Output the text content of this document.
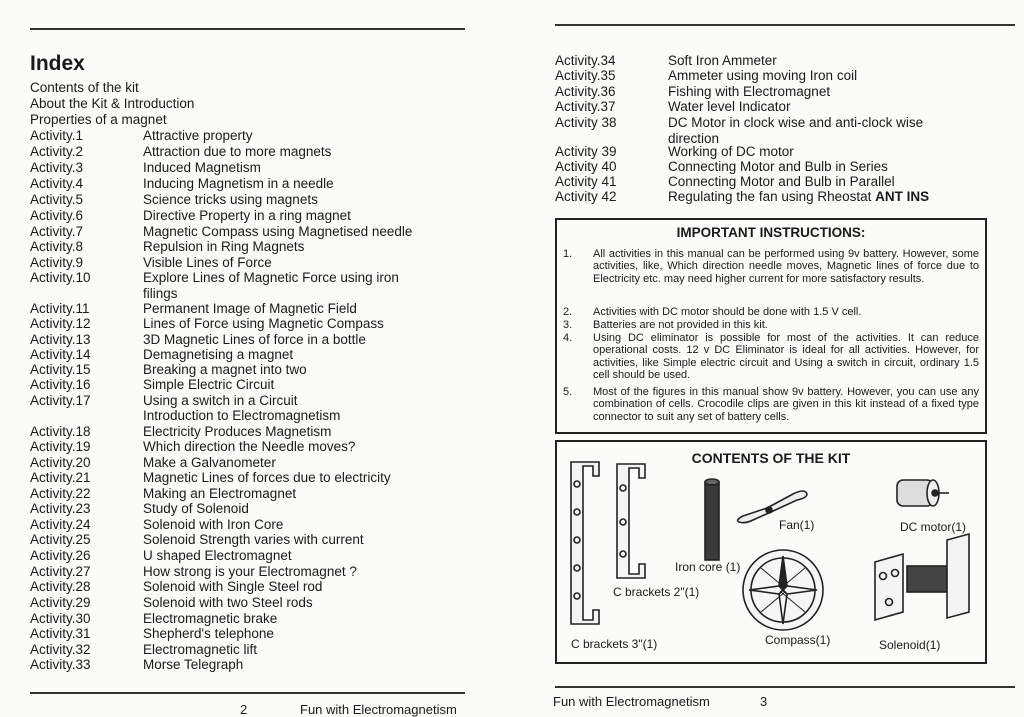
Index
Contents of the kit
About the Kit & Introduction
Properties of a magnet
Activity.1	Attractive property
Activity.2	Attraction due to more magnets
Activity.3	Induced Magnetism
Activity.4	Inducing Magnetism in a needle
Activity.5	Science tricks using magnets
Activity.6	Directive Property in a ring magnet
Activity.7	Magnetic Compass using Magnetised needle
Activity.8	Repulsion in Ring Magnets
Activity.9	Visible Lines of Force
Activity.10	Explore Lines of Magnetic Force using iron filings
Activity.11	Permanent Image of Magnetic Field
Activity.12	Lines of Force using Magnetic Compass
Activity.13	3D Magnetic Lines of force in a bottle
Activity.14	Demagnetising a magnet
Activity.15	Breaking a magnet into two
Activity.16	Simple Electric Circuit
Activity.17	Using a switch in a Circuit
Introduction to Electromagnetism
Activity.18	Electricity Produces Magnetism
Activity.19	Which direction the Needle moves?
Activity.20	Make a Galvanometer
Activity.21	Magnetic Lines of forces due to electricity
Activity.22	Making an Electromagnet
Activity.23	Study of Solenoid
Activity.24	Solenoid with Iron Core
Activity.25	Solenoid Strength varies with current
Activity.26	U shaped Electromagnet
Activity.27	How strong is your Electromagnet ?
Activity.28	Solenoid with Single Steel rod
Activity.29	Solenoid with two Steel rods
Activity.30	Electromagnetic brake
Activity.31	Shepherd's telephone
Activity.32	Electromagnetic lift
Activity.33	Morse Telegraph
2	Fun with Electromagnetism
Activity.34	Soft Iron Ammeter
Activity.35	Ammeter using moving Iron coil
Activity.36	Fishing with Electromagnet
Activity.37	Water level Indicator
Activity 38	DC Motor in clock wise and anti-clock wise direction
Activity 39	Working of DC motor
Activity 40	Connecting Motor and Bulb in Series
Activity 41	Connecting Motor and Bulb in Parallel
Activity 42	Regulating the fan using Rheostat ANT INS
IMPORTANT INSTRUCTIONS:
1. All activities in this manual can be performed using 9v battery. However, some activities, like, Which direction needle moves, Magnetic lines of force due to Electricity etc. may need higher current for more satisfactory results.
2. Activities with DC motor should be done with 1.5 V cell.
3. Batteries are not provided in this kit.
4. Using DC eliminator is possible for most of the activities. It can reduce operational costs. 12 v DC Eliminator is ideal for all activities. However, for activities, like Simple electric circuit and Using a switch in circuit, ordinary 1.5 cell should be used.
5. Most of the figures in this manual show 9v battery. However, you can use any combination of cells. Crocodile clips are given in this kit instead of a fixed type connector to suit any set of battery cells.
CONTENTS OF THE KIT
Fan(1)	DC motor(1)
Iron core (1)
C brackets 2"(1)
C brackets 3"(1)	Compass(1)	Solenoid(1)
Fun with Electromagnetism	3
